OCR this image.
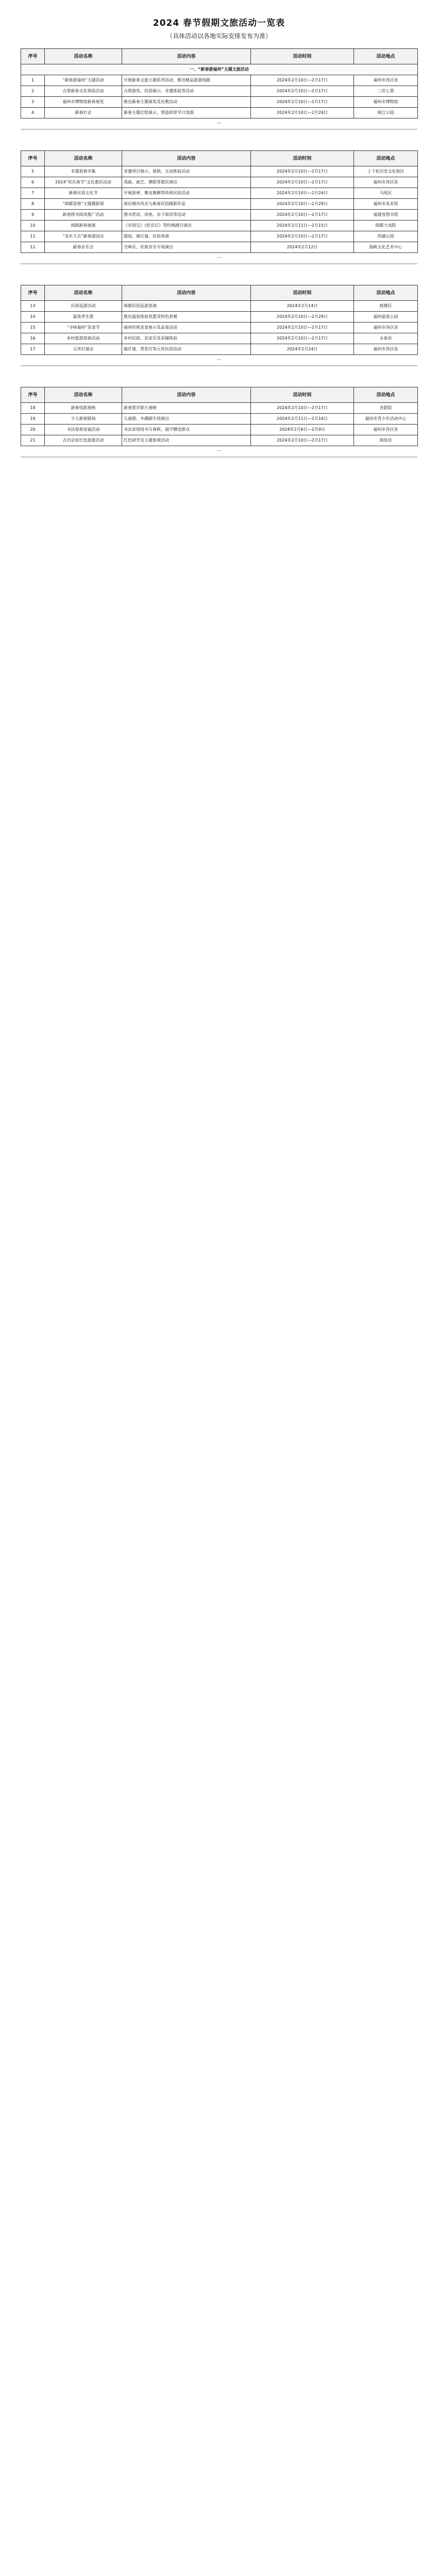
2024 春节假期文旅活动一览表
（具体活动以各地实际安排发布为准）
序号	活动名称	活动内容	活动时间	活动地点
一、“新春游福州”主题文旅活动				
1	“新春游福州”主题活动	开展新春文旅主题系列活动，推出精品旅游线路	2024年2月10日—2月17日	福州市各区县
2	古厝新春文化体验活动	古厝游览、民俗展示、非遗体验等活动	2024年2月10日—2月17日	三坊七巷
3	福州市博物馆新春展览	推出新春主题展览及社教活动	2024年2月10日—2月17日	福州市博物馆
4	新春灯会	新春主题灯组展示，营造浓厚节日氛围	2024年2月10日—2月24日	闽江公园
—
序号	活动名称	活动内容	活动时间	活动地点
5	非遗迎春市集	非遗项目展示、展销，互动体验活动	2024年2月10日—2月17日	上下杭历史文化街区
6	2024“欢乐春节”文化惠民活动	戏曲、曲艺、舞蹈等惠民演出	2024年2月10日—2月17日	福州市各区县
7	新春民俗文化节	开展游神、舞龙舞狮等传统民俗活动	2024年2月10日—2月24日	马尾区
8	“闽都迎春”主题摄影展	展出城市风光与新春民俗摄影作品	2024年2月10日—2月29日	福州市美术馆
9	新春图书阅读推广活动	图书荐读、讲座、亲子阅读等活动	2024年2月10日—2月17日	福建省图书馆
10	闽剧新春展演	《甘国宝》《贬官记》等经典剧目演出	2024年2月11日—2月15日	闽都大戏院
11	“龙年大吉”新春游园会	游园、猜灯谜、民俗表演	2024年2月10日—2月17日	西湖公园
12	新春音乐会	交响乐、民族音乐专场演出	2024年2月12日	海峡文化艺术中心
—
序号	活动名称	活动内容	活动时间	活动地点
13	民俗巡游活动	闽都民俗巡游表演	2024年2月14日	鼓楼区
14	温泉养生游	推出温泉体验优惠及特色套餐	2024年2月10日—2月29日	福州温泉公园
15	“寻味福州”美食节	福州传统美食展示及品鉴活动	2024年2月10日—2月17日	福州市各区县
16	乡村旅游迎春活动	乡村民宿、农家乐及采摘体验	2024年2月10日—2月17日	永泰县
17	元宵灯谜会	猜灯谜、赏花灯等元宵民俗活动	2024年2月24日	福州市各区县
—
序号	活动名称	活动内容	活动时间	活动地点
18	新春电影展映	新春贺岁影片展映	2024年2月10日—2月17日	各影院
19	少儿新春剧场	儿童剧、木偶剧专场演出	2024年2月11日—2月16日	福州市青少年活动中心
20	书法迎春送福活动	书法家现场书写春联、福字赠送群众	2024年2月6日—2月9日	福州市各区县
21	古田会址红色旅游活动	红色研学及主题参观活动	2024年2月10日—2月17日	闽侯县
—
